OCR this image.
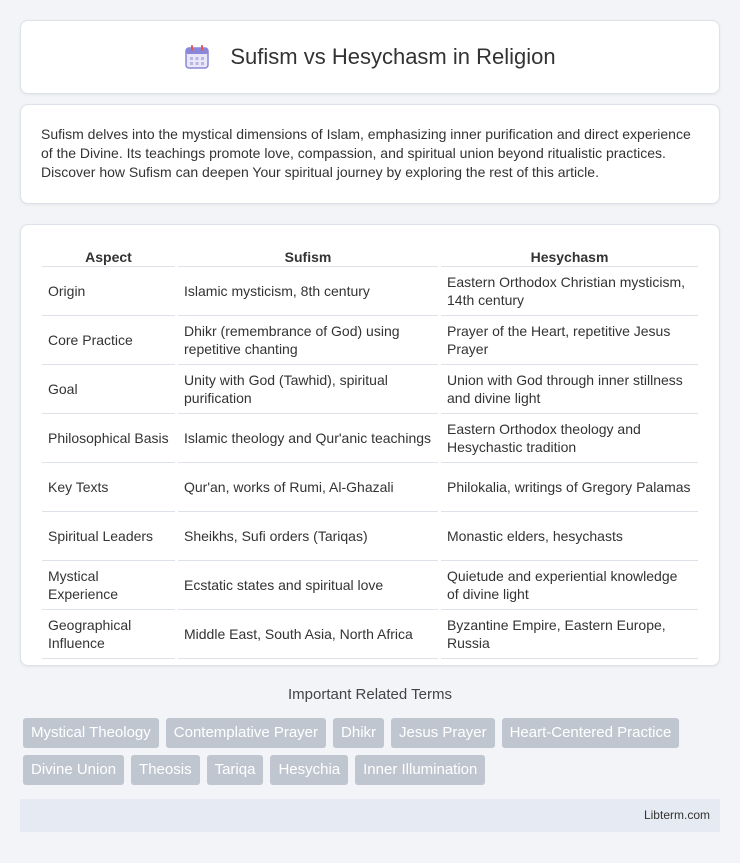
Sufism vs Hesychasm in Religion

Sufism delves into the mystical dimensions of Islam, emphasizing inner purification and direct experience of the Divine. Its teachings promote love, compassion, and spiritual union beyond ritualistic practices. Discover how Sufism can deepen Your spiritual journey by exploring the rest of this article.

Aspect	Sufism	Hesychasm
Origin	Islamic mysticism, 8th century	Eastern Orthodox Christian mysticism, 14th century
Core Practice	Dhikr (remembrance of God) using repetitive chanting	Prayer of the Heart, repetitive Jesus Prayer
Goal	Unity with God (Tawhid), spiritual purification	Union with God through inner stillness and divine light
Philosophical Basis	Islamic theology and Qur'anic teachings	Eastern Orthodox theology and Hesychastic tradition
Key Texts	Qur'an, works of Rumi, Al-Ghazali	Philokalia, writings of Gregory Palamas
Spiritual Leaders	Sheikhs, Sufi orders (Tariqas)	Monastic elders, hesychasts
Mystical Experience	Ecstatic states and spiritual love	Quietude and experiential knowledge of divine light
Geographical Influence	Middle East, South Asia, North Africa	Byzantine Empire, Eastern Europe, Russia
Important Related Terms
Mystical Theology	Contemplative Prayer	Dhikr	Jesus Prayer	Heart-Centered Practice
Divine Union	Theosis	Tariqa	Hesychia	Inner Illumination
Libterm.com
